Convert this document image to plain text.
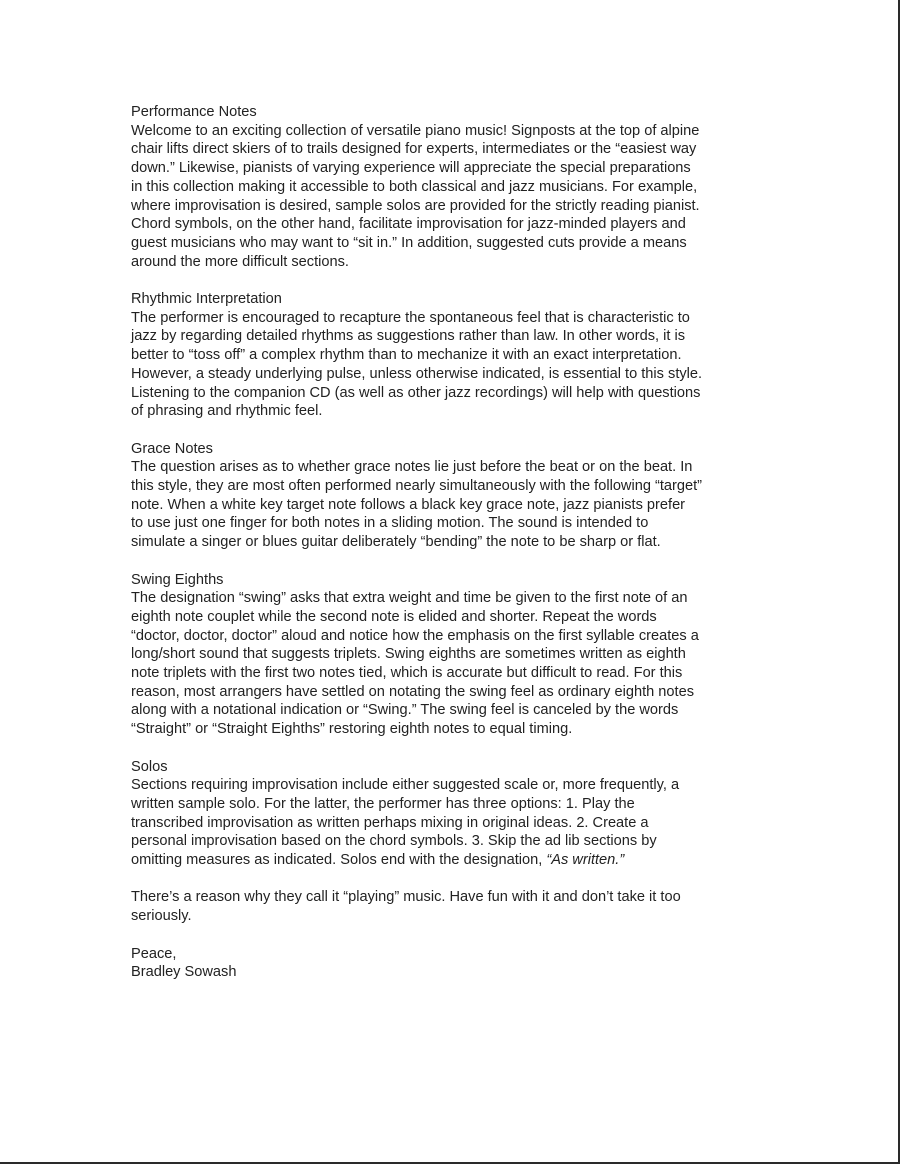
Performance Notes
Welcome to an exciting collection of versatile piano music! Signposts at the top of alpine
chair lifts direct skiers of to trails designed for experts, intermediates or the “easiest way
down.” Likewise, pianists of varying experience will appreciate the special preparations
in this collection making it accessible to both classical and jazz musicians. For example,
where improvisation is desired, sample solos are provided for the strictly reading pianist.
Chord symbols, on the other hand, facilitate improvisation for jazz-minded players and
guest musicians who may want to “sit in.” In addition, suggested cuts provide a means
around the more difficult sections.
Rhythmic Interpretation
The performer is encouraged to recapture the spontaneous feel that is characteristic to
jazz by regarding detailed rhythms as suggestions rather than law. In other words, it is
better to “toss off” a complex rhythm than to mechanize it with an exact interpretation.
However, a steady underlying pulse, unless otherwise indicated, is essential to this style.
Listening to the companion CD (as well as other jazz recordings) will help with questions
of phrasing and rhythmic feel.
Grace Notes
The question arises as to whether grace notes lie just before the beat or on the beat. In
this style, they are most often performed nearly simultaneously with the following “target”
note. When a white key target note follows a black key grace note, jazz pianists prefer
to use just one finger for both notes in a sliding motion. The sound is intended to
simulate a singer or blues guitar deliberately “bending” the note to be sharp or flat.
Swing Eighths
The designation “swing” asks that extra weight and time be given to the first note of an
eighth note couplet while the second note is elided and shorter. Repeat the words
“doctor, doctor, doctor” aloud and notice how the emphasis on the first syllable creates a
long/short sound that suggests triplets. Swing eighths are sometimes written as eighth
note triplets with the first two notes tied, which is accurate but difficult to read. For this
reason, most arrangers have settled on notating the swing feel as ordinary eighth notes
along with a notational indication or “Swing.” The swing feel is canceled by the words
“Straight” or “Straight Eighths” restoring eighth notes to equal timing.
Solos
Sections requiring improvisation include either suggested scale or, more frequently, a
written sample solo. For the latter, the performer has three options: 1. Play the
transcribed improvisation as written perhaps mixing in original ideas. 2. Create a
personal improvisation based on the chord symbols. 3. Skip the ad lib sections by
omitting measures as indicated. Solos end with the designation, “As written.”
There’s a reason why they call it “playing” music. Have fun with it and don’t take it too
seriously.
Peace,
Bradley Sowash
